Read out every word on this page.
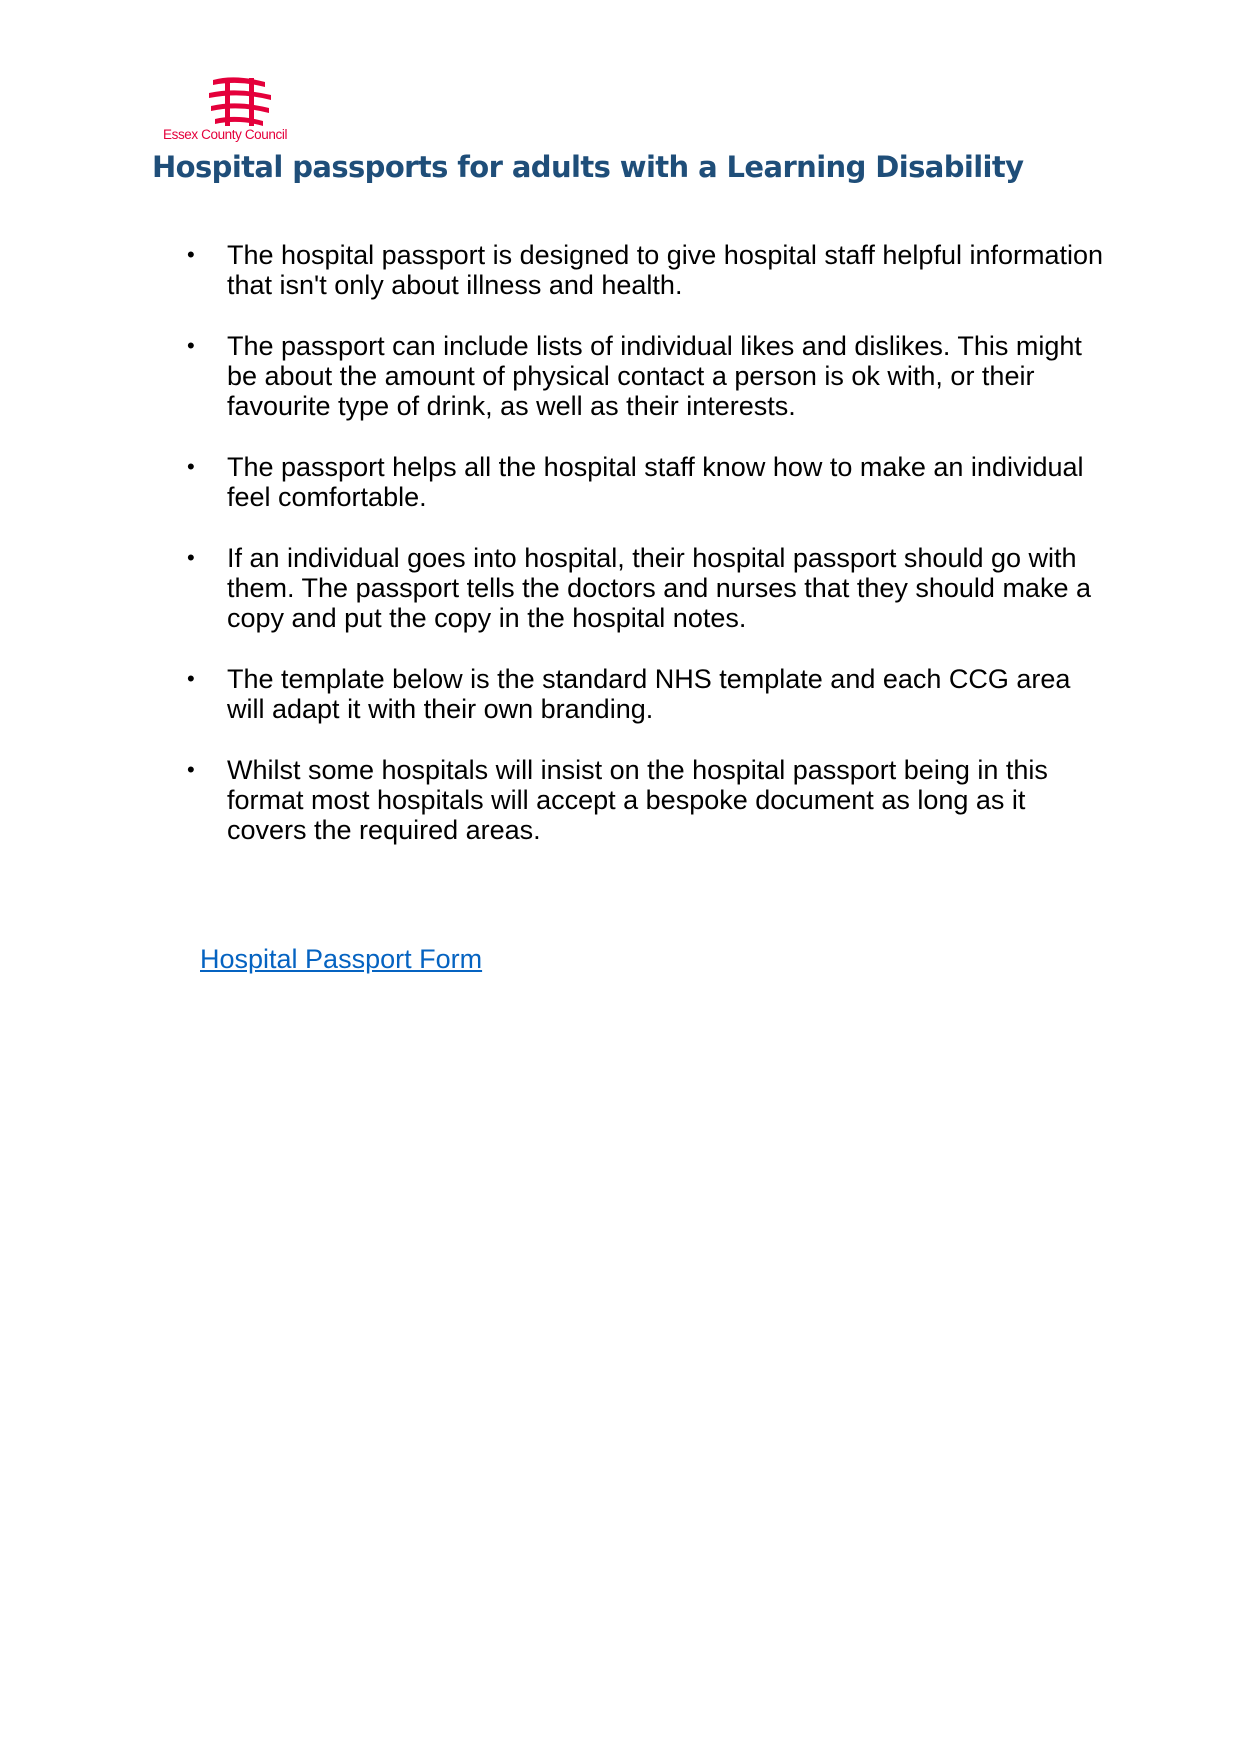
Essex County Council
Hospital passports for adults with a Learning Disability
• The hospital passport is designed to give hospital staff helpful information that isn't only about illness and health.
• The passport can include lists of individual likes and dislikes. This might be about the amount of physical contact a person is ok with, or their favourite type of drink, as well as their interests.
• The passport helps all the hospital staff know how to make an individual feel comfortable.
• If an individual goes into hospital, their hospital passport should go with them. The passport tells the doctors and nurses that they should make a copy and put the copy in the hospital notes.
• The template below is the standard NHS template and each CCG area will adapt it with their own branding.
• Whilst some hospitals will insist on the hospital passport being in this format most hospitals will accept a bespoke document as long as it covers the required areas.
Hospital Passport Form
